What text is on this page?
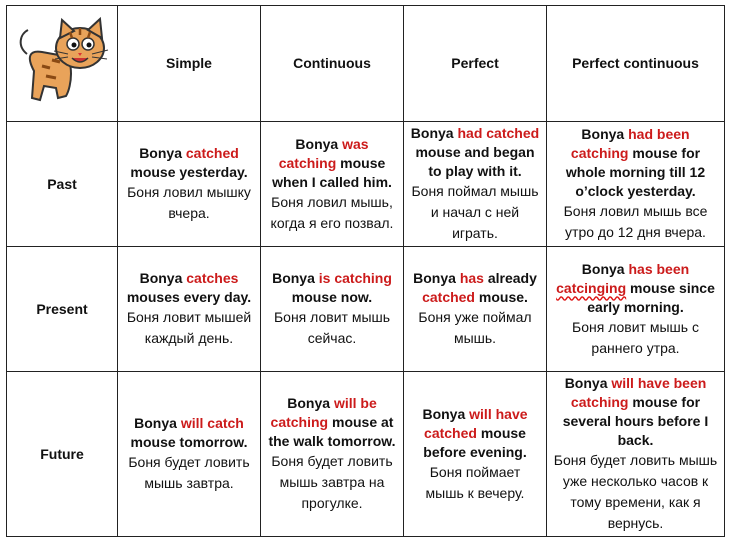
	Simple	Continuous	Perfect	Perfect continuous
Past	Bonya catched mouse yesterday.
Боня ловил мышку вчера.	Bonya was catching mouse when I called him.
Боня ловил мышь, когда я его позвал.	Bonya had catched mouse and began to play with it.
Боня поймал мышь и начал с ней играть.	Bonya had been catching mouse for whole morning till 12 o’clock yesterday.
Боня ловил мышь все утро до 12 дня вчера.

Present	Bonya catches mouses every day.
Боня ловит мышей каждый день.	Bonya is catching mouse now.
Боня ловит мышь сейчас.	Bonya has already catched mouse.
Боня уже поймал мышь.	Bonya has been catcinging mouse since early morning.
Боня ловит мышь с раннего утра.

Future	Bonya will catch mouse tomorrow.
Боня будет ловить мышь завтра.	Bonya will be catching mouse at the walk tomorrow.
Боня будет ловить мышь завтра на прогулке.	Bonya will have catched mouse before evening.
Боня поймает мышь к вечеру.	Bonya will have been catching mouse for several hours before I back.
Боня будет ловить мышь уже несколько часов к тому времени, как я вернусь.
